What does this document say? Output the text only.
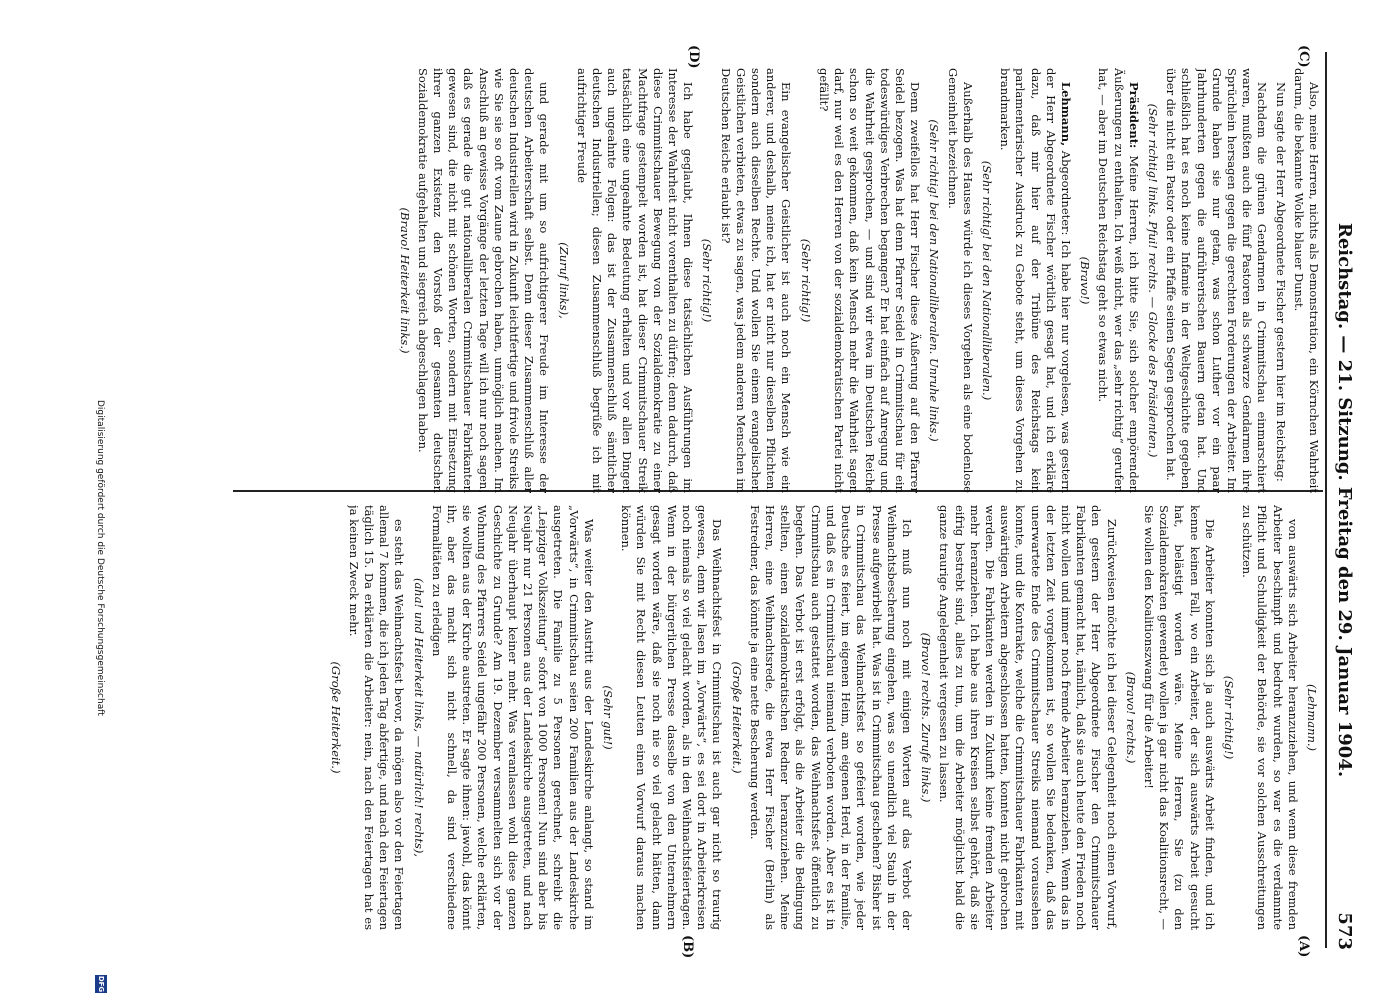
Reichstag. — 21. Sitzung. Freitag den 29. Januar 1904.
573
(C)
(D)
(A)
(B)

(Lehmann.)

von auswärts sich Arbeiter heranzuziehen, und wenn diese fremden Arbeiter beschimpft und bedroht wurden, so war es die verdammte Pflicht und Schuldigkeit der Behörde, sie vor solchen Ausschreitungen zu schützen.

(Sehr richtig!)

Die Arbeiter konnten sich ja auch auswärts Arbeit finden, und ich kenne keinen Fall, wo ein Arbeiter, der sich auswärts Arbeit gesucht hat, belästigt worden wäre. Meine Herren, Sie (zu den Sozialdemokraten gewendet) wollen ja gar nicht das Koalitionsrecht, — Sie wollen den Koalitionszwang für die Arbeiter!

(Bravo! rechts.)

Zurückweisen möchte ich bei dieser Gelegenheit noch einen Vorwurf, den gestern der Herr Abgeordnete Fischer den Crimmitschauer Fabrikanten gemacht hat, nämlich, daß sie auch heute den Frieden noch nicht wollen und immer noch fremde Arbeiter heranziehen. Wenn das in der letzten Zeit vorgekommen ist, so wollen Sie bedenken, daß das unerwartete Ende des Crimmitschauer Streiks niemand voraussehen konnte, und die Kontrakte, welche die Crimmitschauer Fabrikanten mit auswärtigen Arbeitern abgeschlossen hatten, konnten nicht gebrochen werden. Die Fabrikanten werden in Zukunft keine fremden Arbeiter mehr heranziehen. Ich habe aus ihren Kreisen selbst gehört, daß sie eifrig bestrebt sind, alles zu tun, um die Arbeiter möglichst bald die ganze traurige Angelegenheit vergessen zu lassen.

(Bravo! rechts. Zurufe links.)

Ich muß nun noch mit einigen Worten auf das Verbot der Weihnachtsbescherung eingehen, was so unendlich viel Staub in der Presse aufgewirbelt hat. Was ist in Crimmitschau geschehen? Bisher ist in Crimmitschau das Weihnachtsfest so gefeiert worden, wie jeder Deutsche es feiert, im eigenen Heim, am eigenen Herd, in der Familie, und daß es in Crimmitschau niemand verboten worden. Aber es ist in Crimmitschau auch gestattet worden, das Weihnachtsfest öffentlich zu begehen. Das Verbot ist erst erfolgt, als die Arbeiter die Bedingung stellten, einen sozialdemokratischen Redner heranzuziehen. Meine Herren, eine Weihnachtsrede, die etwa Herr Fischer (Berlin) als Festredner, das könnte ja eine nette Bescherung werden.

(Große Heiterkeit.)

Das Weihnachtsfest in Crimmitschau ist auch gar nicht so traurig gewesen, denn wir lasen im „Vorwärts“, es sei dort in Arbeiterkreisen noch niemals so viel gelacht worden, als in den Weihnachtsfeiertagen. Wenn in der bürgerlichen Presse dasselbe von den Unternehmern gesagt worden wäre, daß sie noch nie so viel gelacht hätten, dann würden Sie mit Recht diesen Leuten einen Vorwurf daraus machen können.

(Sehr gut!)

Was weiter den Austritt aus der Landeskirche anlangt, so stand im „Vorwärts“, in Crimmitschau seien 200 Familien aus der Landeskirche ausgetreten. Die Familie zu 5 Personen gerechnet, schreibt die „Leipziger Volkszeitung“ sofort von 1000 Personen! Nun sind aber bis Neujahr nur 21 Personen aus der Landeskirche ausgetreten, und nach Neujahr überhaupt keiner mehr. Was veranlassen wohl diese ganzen Geschichte zu Grunde? Am 19. Dezember versammelten sich vor der Wohnung des Pfarrers Seidel ungefähr 200 Personen, welche erklärten, sie wollten aus der Kirche austreten. Er sagte ihnen: jawohl, das könnt ihr, aber das macht sich nicht schnell, da sind verschiedene Formalitäten zu erledigen

(aha! und Heiterkeit links, — natürlich! rechts),

es steht das Weihnachtsfest bevor, da mögen also vor den Feiertagen allemal 7 kommen, die ich jeden Tag abfertige, und nach den Feiertagen täglich 15. Da erklärten die Arbeiter: nein, nach den Feiertagen hat es ja keinen Zweck mehr.

(Große Heiterkeit.)

Also, meine Herren, nichts als Demonstration, ein Körnchen Wahrheit darum, die bekannte Wolke blauer Dunst.

Nun sagte der Herr Abgeordnete Fischer gestern hier im Reichstag:

Nachdem die grünen Gendarmen in Crimmitschau einmarschiert waren, mußten auch die fünf Pastoren als schwarze Gendarmen ihre Sprüchlein hersagen gegen die gerechten Forderungen der Arbeiter. Im Grunde haben sie nur getan, was schon Luther vor ein paar Jahrhunderten gegen die aufrührerischen Bauern getan hat. Und schließlich hat es noch keine Infamie in der Weltgeschichte gegeben, über die nicht ein Pastor oder ein Pfaffe seinen Segen gesprochen hat.

(Sehr richtig! links. Pfui! rechts. — Glocke des Präsidenten.)

Präsident: Meine Herren, ich bitte Sie, sich solcher empörenden Äußerungen zu enthalten. Ich weiß nicht, wer das „sehr richtig“ gerufen hat, — aber im Deutschen Reichstag geht so etwas nicht.

(Bravo!)

Lehmann, Abgeordneter: Ich habe hier nur vorgelesen, was gestern der Herr Abgeordnete Fischer wörtlich gesagt hat, und ich erkläre dazu, daß mir hier auf der Tribüne des Reichstags kein parlamentarischer Ausdruck zu Gebote steht, um dieses Vorgehen zu brandmarken.

(Sehr richtig! bei den Nationalliberalen.)

Außerhalb des Hauses würde ich dieses Vorgehen als eine bodenlose Gemeinheit bezeichnen.

(Sehr richtig! bei den Nationalliberalen. Unruhe links.)

Denn zweifellos hat Herr Fischer diese Äußerung auf den Pfarrer Seidel bezogen. Was hat denn Pfarrer Seidel in Crimmitschau für ein todeswürdiges Verbrechen begangen? Er hat einfach auf Anregung und die Wahrheit gesprochen, — und sind wir etwa im Deutschen Reiche schon so weit gekommen, daß kein Mensch mehr die Wahrheit sagen darf, nur weil es den Herren von der sozialdemokratischen Partei nicht gefällt?

(Sehr richtig!)

Ein evangelischer Geistlicher ist auch noch ein Mensch wie ein anderer, und deshalb, meine ich, hat er nicht nur dieselben Pflichten, sondern auch dieselben Rechte. Und wollen Sie einem evangelischen Geistlichen verbieten, etwas zu sagen, was jedem anderen Menschen im Deutschen Reiche erlaubt ist?

(Sehr richtig!)

Ich habe geglaubt, Ihnen diese tatsächlichen Ausführungen im Interesse der Wahrheit nicht vorenthalten zu dürfen; denn dadurch, daß diese Crimmitschauer Bewegung von der Sozialdemokratie zu einer Machtfrage gestempelt worden ist, hat dieser Crimmitschauer Streik tatsächlich eine ungeahnte Bedeutung erhalten und vor allen Dingen auch ungeahnte Folgen: das ist der Zusammenschluß sämtlicher deutschen Industriellen; diesen Zusammenschluß begrüße ich mit aufrichtiger Freude

(Zuruf links),

und gerade mit um so aufrichtigerer Freude im Interesse der deutschen Arbeiterschaft selbst. Denn dieser Zusammenschluß aller deutschen Industriellen wird in Zukunft leichtfertige und frivole Streiks, wie Sie sie so oft vom Zaune gebrochen haben, unmöglich machen. Im Anschluß an gewisse Vorgänge der letzten Tage will ich nur noch sagen, daß es gerade die gut nationalliberalen Crimmitschauer Fabrikanten gewesen sind, die nicht mit schönen Worten, sondern mit Einsetzung ihrer ganzen Existenz den Vorstoß der gesamten deutschen Sozialdemokratie aufgehalten und siegreich abgeschlagen haben.

(Bravo! Heiterkeit links.)

Digitalisierung gefördert durch die Deutsche Forschungsgemeinschaft
DFG
